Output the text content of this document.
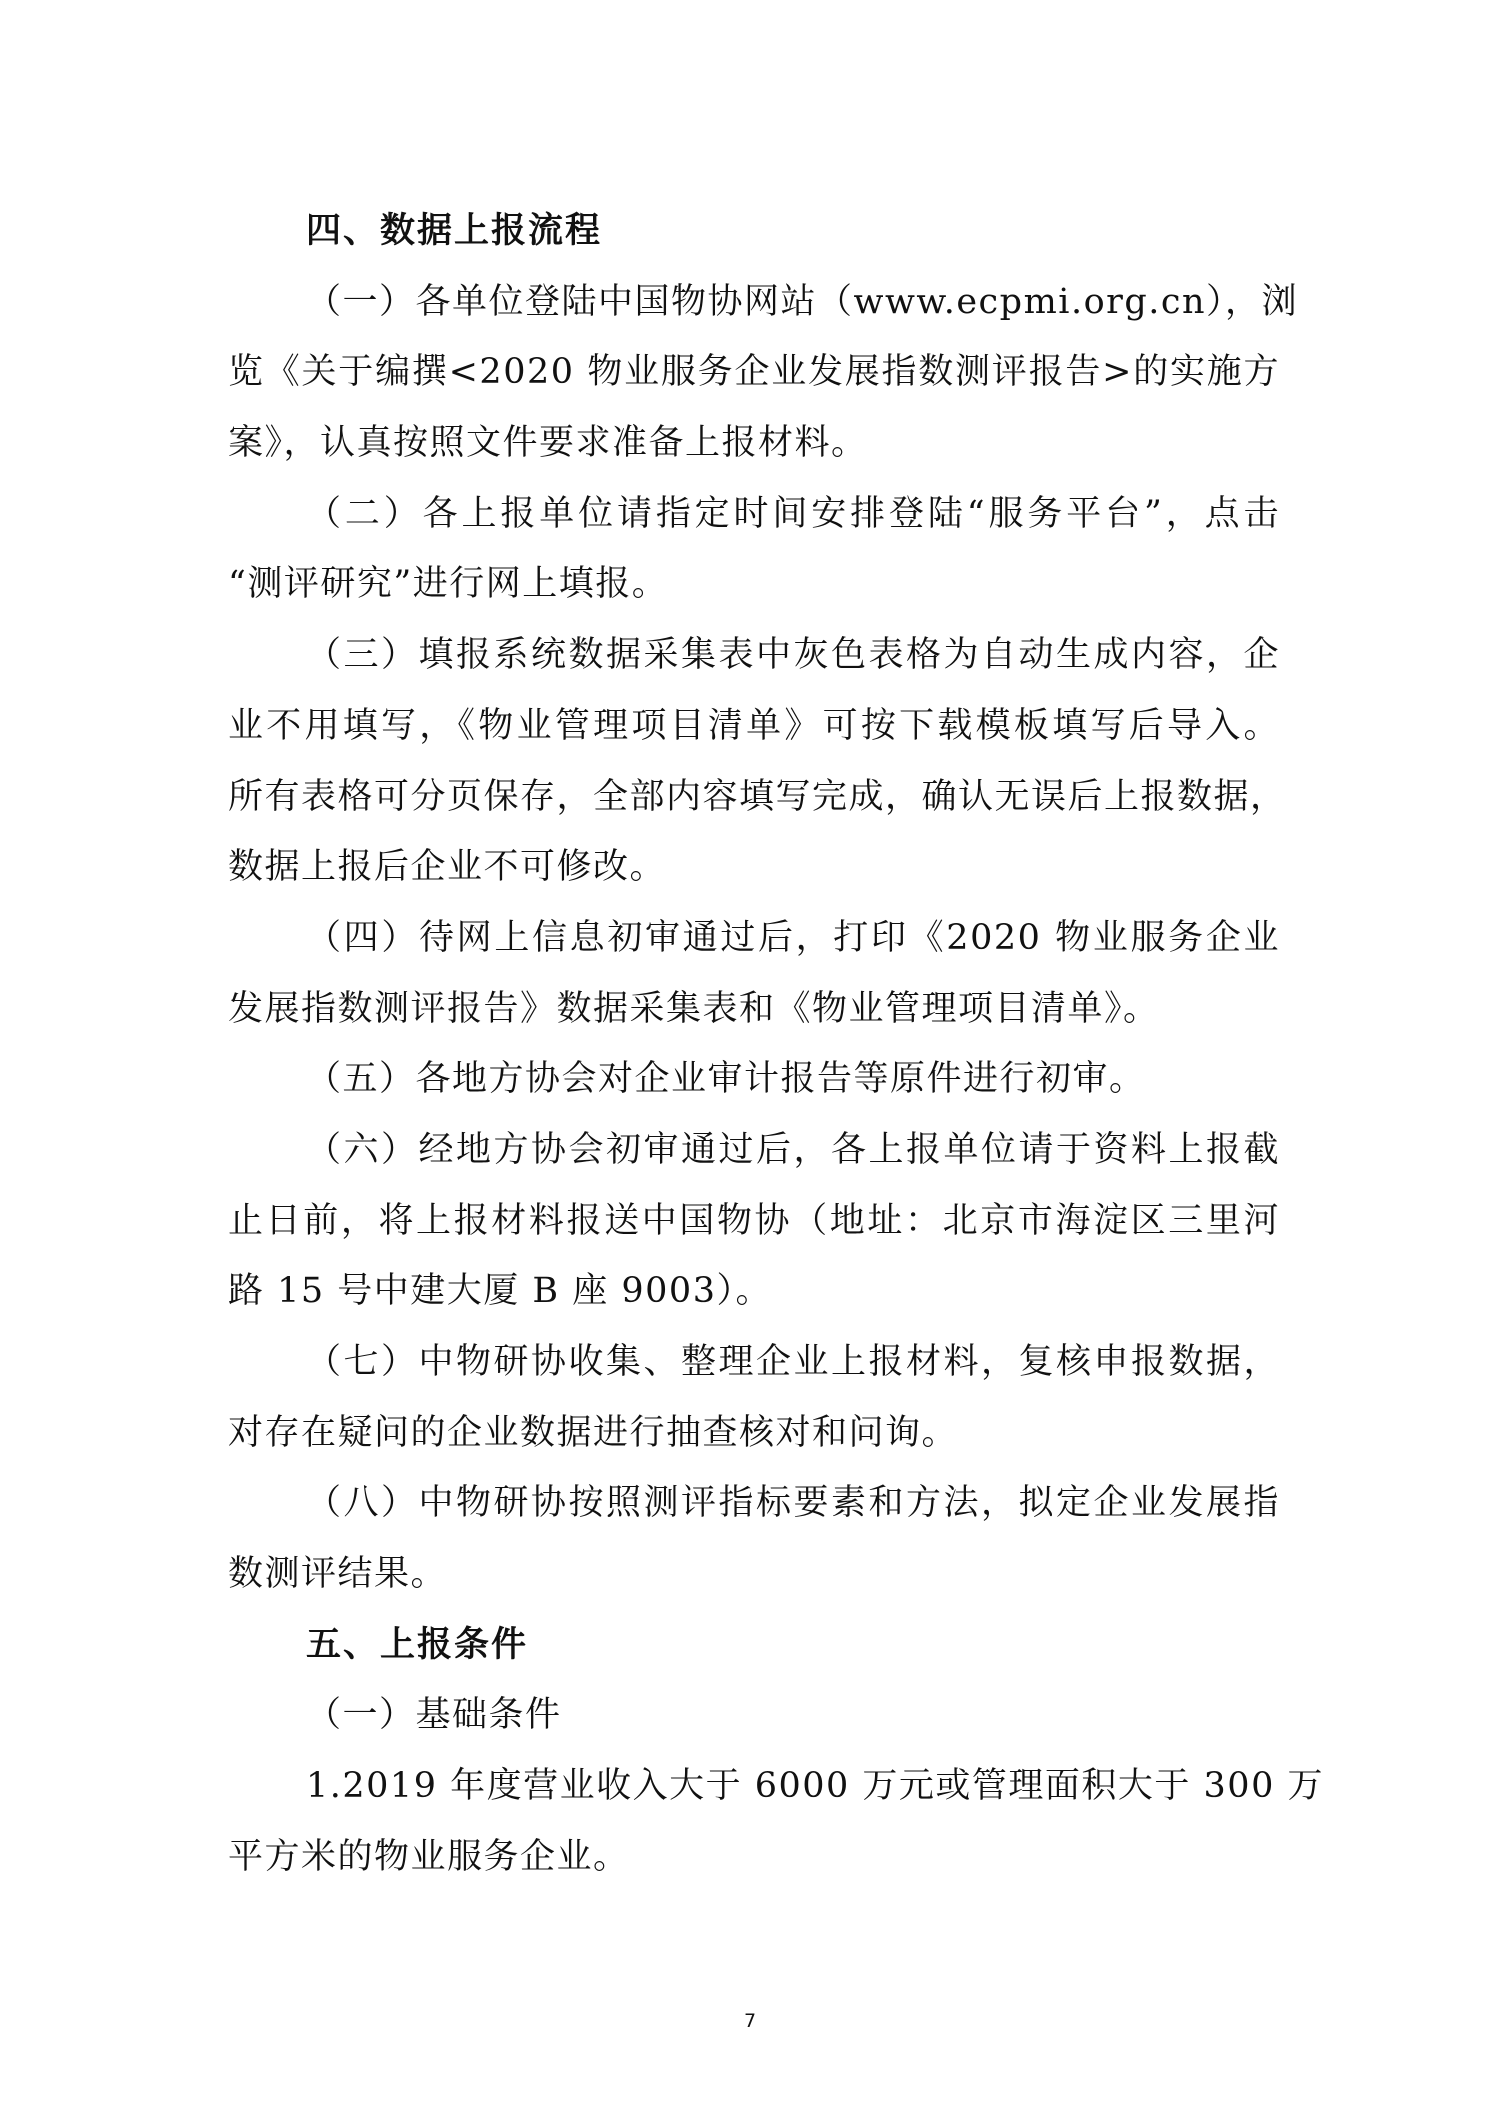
四、数据上报流程
（一）各单位登陆中国物协网站（www.ecpmi.org.cn），浏
览《关于编撰<2020 物业服务企业发展指数测评报告>的实施方
案》，认真按照文件要求准备上报材料。
（二）各上报单位请指定时间安排登陆“服务平台”，点击
“测评研究”进行网上填报。
（三）填报系统数据采集表中灰色表格为自动生成内容，企
业不用填写，《物业管理项目清单》可按下载模板填写后导入。
所有表格可分页保存，全部内容填写完成，确认无误后上报数据，
数据上报后企业不可修改。
（四）待网上信息初审通过后，打印《2020 物业服务企业
发展指数测评报告》数据采集表和《物业管理项目清单》。
（五）各地方协会对企业审计报告等原件进行初审。
（六）经地方协会初审通过后，各上报单位请于资料上报截
止日前，将上报材料报送中国物协（地址：北京市海淀区三里河
路 15 号中建大厦 B 座 9003）。
（七）中物研协收集、整理企业上报材料，复核申报数据，
对存在疑问的企业数据进行抽查核对和问询。
（八）中物研协按照测评指标要素和方法，拟定企业发展指
数测评结果。
五、上报条件
（一）基础条件
1.2019 年度营业收入大于 6000 万元或管理面积大于 300 万
平方米的物业服务企业。
7
